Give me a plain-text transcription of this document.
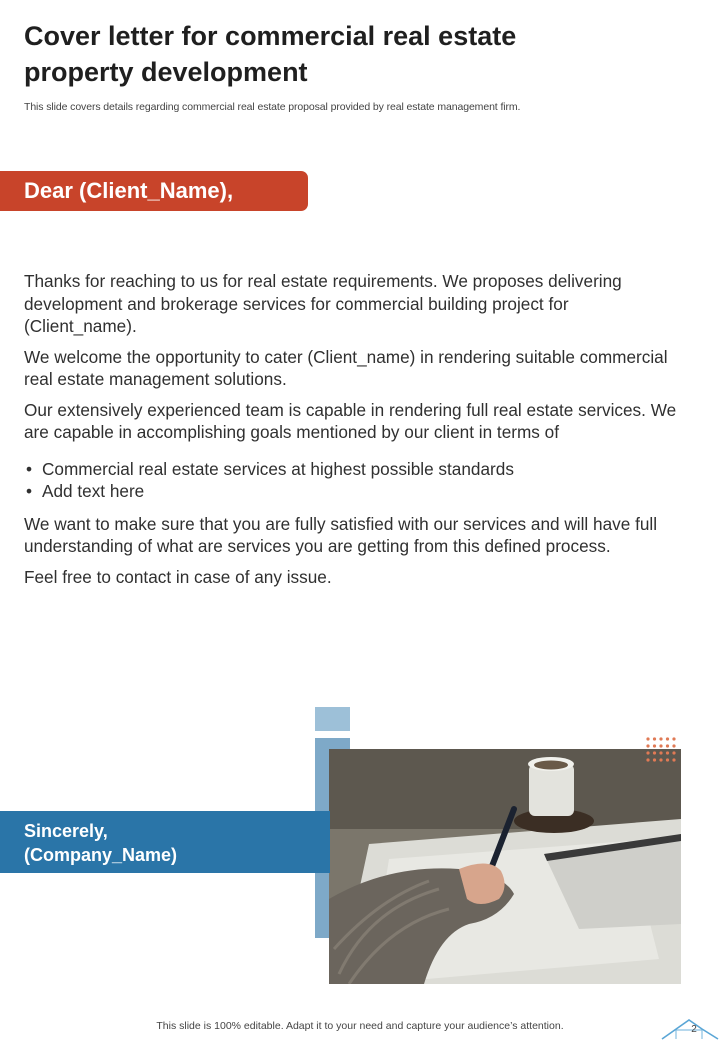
Cover letter for commercial real estate
property development
This slide covers details regarding commercial real estate proposal provided by real estate management firm.
Dear (Client_Name),

Thanks for reaching to us for real estate requirements. We proposes delivering development and brokerage services for commercial building project for (Client_name).

We welcome the opportunity to cater (Client_name) in rendering suitable commercial real estate management solutions.

Our extensively experienced team is capable in rendering full real estate services. We are capable in accomplishing goals mentioned by our client in terms of

• Commercial real estate services at highest possible standards
• Add text here

We want to make sure that you are fully satisfied with our services and will have full understanding of what are services you are getting from this defined process.

Feel free to contact in case of any issue.

Sincerely,
(Company_Name)
This slide is 100% editable. Adapt it to your need and capture your audience’s attention.	2
